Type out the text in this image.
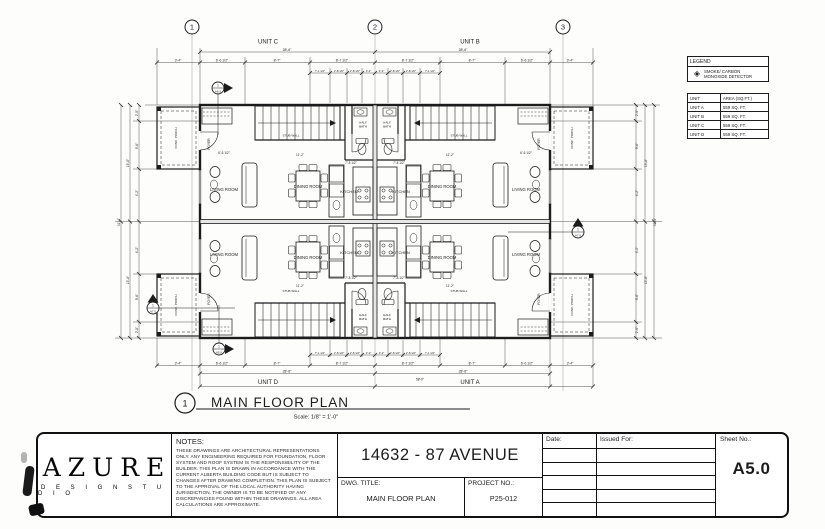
1	2	3
1
A5.0
1
A5.0
1
A7.0
1
A7.0
UNIT C	UNIT B
UNIT D	UNIT A
LIVING ROOM	LIVING ROOM
LIVING ROOM	LIVING ROOM
DINING ROOM	DINING ROOM
DINING ROOM	DINING ROOM
KITCHEN	KITCHEN
KITCHEN	KITCHEN
HALF
BATH
HALF
BATH
HALF
BATH
HALF
BATH
FOYER	FOYER
FOYER	FOYER
CONC. PORCH	CONC. PORCH
CONC. PORCH	CONC. PORCH
STUB WALL	STUB WALL
STUB WALL	STUB WALL
11'-2"	11'-2"
11'-2"	11'-2"
7'-8 1/2"	7'-8 1/2"
7'-8 1/2"	7'-8 1/2"
6'-6 1/2"	6'-6 1/2"
28'-6"	28'-6"
3'-4"	6'-6 1/2"	8'-7"	8'-7 1/2"	8'-7 1/2"	8'-7"	6'-6 1/2"	3'-4"
7'-1 1/2"	2'-8 1/2" 2'-8 1/2" 3'-2"	3'-2" 2'-8 1/2" 2'-8 1/2"	7'-1 1/2"
7'-1 1/2"	2'-8 1/2" 2'-8 1/2" 3'-2"	3'-2" 2'-8 1/2" 2'-8 1/2"	7'-1 1/2"
3'-4"	6'-6 1/2"	8'-7"	8'-7 1/2"	8'-7 1/2"	8'-7"	6'-6 1/2"	3'-4"
28'-6"	28'-6"
58'-0"
31'-4"
15'-8"
15'-8"
2'-0"
9'-6"
4'-2"
4'-2"
9'-6"
2'-0"
31'-4"
15'-8"
15'-8"
2'-0"
9'-6"
4'-2"
4'-2"
9'-6"
2'-0"
1 MAIN FLOOR PLAN
Scale: 1/8" = 1'-0"
LEGEND
◈ SMOKE/ CARBON
MONOXIDE DETECTOR
UNIT	AREA (SQ.FT.)
UNIT A	559 SQ. FT.
UNIT B	559 SQ. FT.
UNIT C	559 SQ. FT.
UNIT D	559 SQ. FT.
AZURE
D E S I G N S T U D I O
NOTES:
THESE DRAWINGS ARE ARCHITECTURAL REPRESENTATIONS ONLY. ANY ENGINEERING REQUIRED FOR FOUNDATION, FLOOR SYSTEM AND ROOF SYSTEM IS THE RESPONSIBILITY OF THE BUILDER. THIS PLAN IS DRAWN IN ACCORDANCE WITH THE CURRENT ALBERTA BUILDING CODE BUT IS SUBJECT TO CHANGES AFTER DRAWING COMPLETION. THIS PLAN IS SUBJECT TO THE APPROVAL OF THE LOCAL AUTHORITY HAVING JURISDICTION. THE OWNER IS TO BE NOTIFIED OF ANY DISCREPANCIES FOUND WITHIN THESE DRAWINGS. ALL AREA CALCULATIONS ARE APPROXIMATE.
14632 - 87 AVENUE
DWG. TITLE:
MAIN FLOOR PLAN
PROJECT NO.:
P25-012
Date:	Issued For:	Sheet No.:
A5.0
